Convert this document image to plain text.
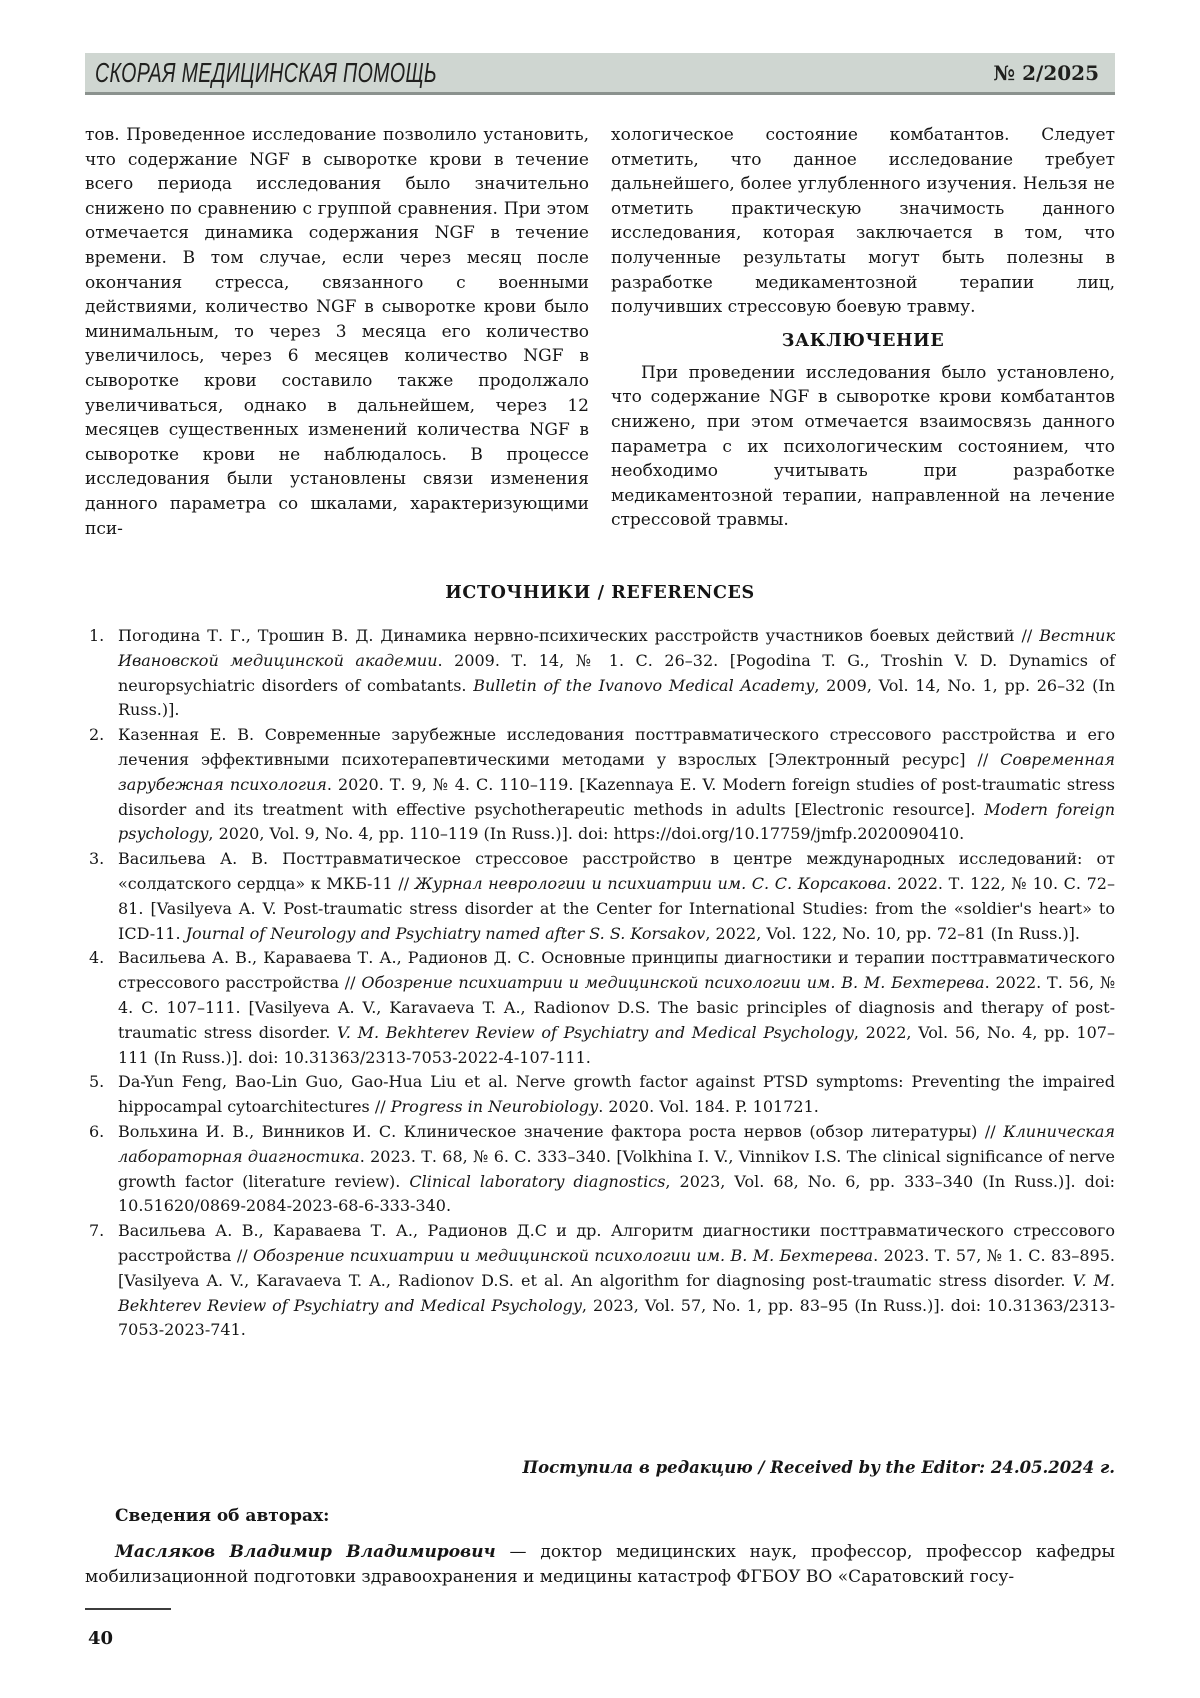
СКОРАЯ МЕДИЦИНСКАЯ ПОМОЩЬ	№ 2/2025

тов. Проведенное исследование позволило установить, что содержание NGF в сыворотке крови в течение всего периода исследования было значительно снижено по сравнению с группой сравнения. При этом отмечается динамика содержания NGF в течение времени. В том случае, если через месяц после окончания стресса, связанного с военными действиями, количество NGF в сыворотке крови было минимальным, то через 3 месяца его количество увеличилось, через 6 месяцев количество NGF в сыворотке крови составило также продолжало увеличиваться, однако в дальнейшем, через 12 месяцев существенных изменений количества NGF в сыворотке крови не наблюдалось. В процессе исследования были установлены связи изменения данного параметра со шкалами, характеризующими пси-

хологическое состояние комбатантов. Следует отметить, что данное исследование требует дальнейшего, более углубленного изучения. Нельзя не отметить практическую значимость данного исследования, которая заключается в том, что полученные результаты могут быть полезны в разработке медикаментозной терапии лиц, получивших стрессовую боевую травму.

ЗАКЛЮЧЕНИЕ

При проведении исследования было установлено, что содержание NGF в сыворотке крови комбатантов снижено, при этом отмечается взаимосвязь данного параметра с их психологическим состоянием, что необходимо учитывать при разработке медикаментозной терапии, направленной на лечение стрессовой травмы.

ИСТОЧНИКИ / REFERENCES
1. Погодина Т. Г., Трошин В. Д. Динамика нервно-психических расстройств участников боевых действий // Вестник Ивановской медицинской академии. 2009. Т. 14, № 1. С. 26–32. [Pogodina T. G., Troshin V. D. Dynamics of neuropsychiatric disorders of combatants. Bulletin of the Ivanovo Medical Academy, 2009, Vol. 14, No. 1, pp. 26–32 (In Russ.)].
2. Казенная Е. В. Современные зарубежные исследования посттравматического стрессового расстройства и его лечения эффективными психотерапевтическими методами у взрослых [Электронный ресурс] // Современная зарубежная психология. 2020. Т. 9, № 4. С. 110–119. [Kazennaya E. V. Modern foreign studies of post-traumatic stress disorder and its treatment with effective psychotherapeutic methods in adults [Electronic resource]. Modern foreign psychology, 2020, Vol. 9, No. 4, pp. 110–119 (In Russ.)]. doi: https://doi.org/10.17759/jmfp.2020090410.
3. Васильева А. В. Посттравматическое стрессовое расстройство в центре международных исследований: от «солдатского сердца» к МКБ-11 // Журнал неврологии и психиатрии им. С. С. Корсакова. 2022. Т. 122, № 10. С. 72–81. [Vasilyeva A. V. Post-traumatic stress disorder at the Center for International Studies: from the «soldier's heart» to ICD-11. Journal of Neurology and Psychiatry named after S. S. Korsakov, 2022, Vol. 122, No. 10, pp. 72–81 (In Russ.)].
4. Васильева А. В., Караваева Т. А., Радионов Д. С. Основные принципы диагностики и терапии посттравматического стрессового расстройства // Обозрение психиатрии и медицинской психологии им. В. М. Бехтерева. 2022. Т. 56, № 4. С. 107–111. [Vasilyeva A. V., Karavaeva T. A., Radionov D.S. The basic principles of diagnosis and therapy of post-traumatic stress disorder. V. M. Bekhterev Review of Psychiatry and Medical Psychology, 2022, Vol. 56, No. 4, pp. 107–111 (In Russ.)]. doi: 10.31363/2313-7053-2022-4-107-111.
5. Da-Yun Feng, Bao-Lin Guo, Gao-Hua Liu et al. Nerve growth factor against PTSD symptoms: Preventing the impaired hippocampal cytoarchitectures // Progress in Neurobiology. 2020. Vol. 184. P. 101721.
6. Вольхина И. В., Винников И. С. Клиническое значение фактора роста нервов (обзор литературы) // Клиническая лабораторная диагностика. 2023. Т. 68, № 6. С. 333–340. [Volkhina I. V., Vinnikov I.S. The clinical significance of nerve growth factor (literature review). Clinical laboratory diagnostics, 2023, Vol. 68, No. 6, pp. 333–340 (In Russ.)]. doi: 10.51620/0869-2084-2023-68-6-333-340.
7. Васильева А. В., Караваева Т. А., Радионов Д.С и др. Алгоритм диагностики посттравматического стрессового расстройства // Обозрение психиатрии и медицинской психологии им. В. М. Бехтерева. 2023. Т. 57, № 1. С. 83–895. [Vasilyeva A. V., Karavaeva T. A., Radionov D.S. et al. An algorithm for diagnosing post-traumatic stress disorder. V. M. Bekhterev Review of Psychiatry and Medical Psychology, 2023, Vol. 57, No. 1, pp. 83–95 (In Russ.)]. doi: 10.31363/2313-7053-2023-741.

Поступила в редакцию / Received by the Editor: 24.05.2024 г.

Сведения об авторах:

Масляков Владимир Владимирович — доктор медицинских наук, профессор, профессор кафедры мобилизационной подготовки здравоохранения и медицины катастроф ФГБОУ ВО «Саратовский госу-

40
